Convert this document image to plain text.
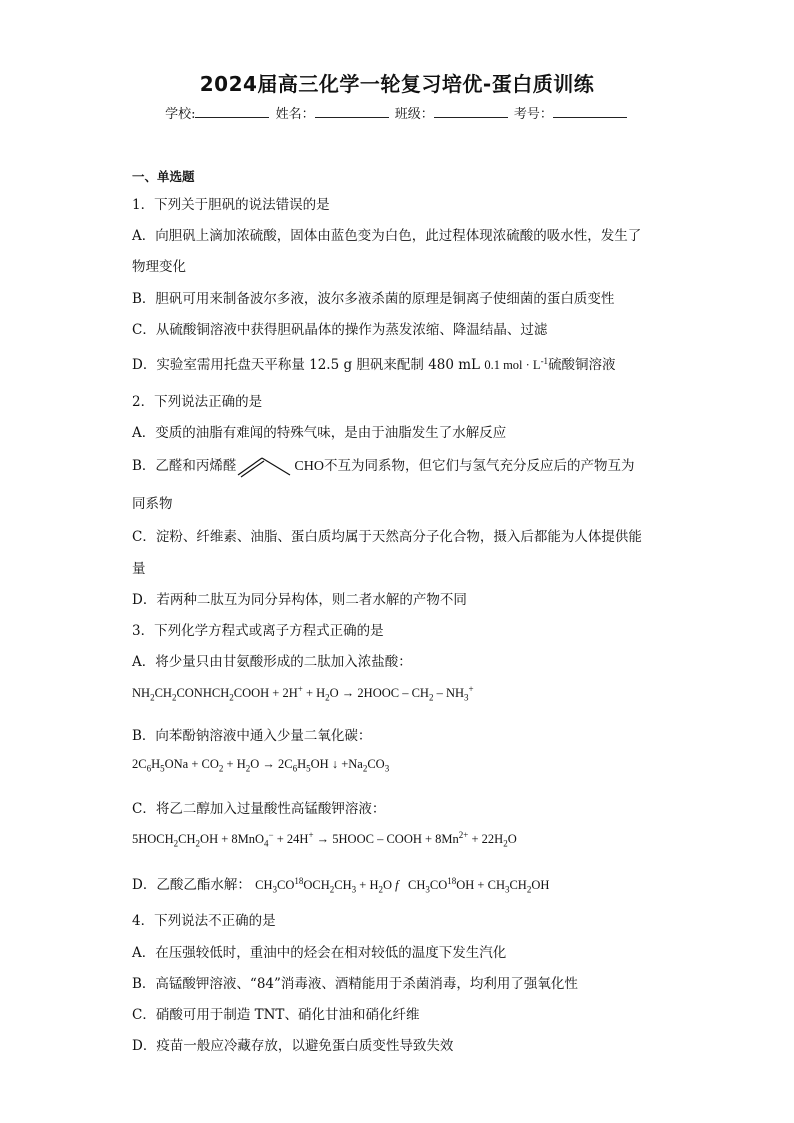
2024届高三化学一轮复习培优-蛋白质训练
学校:	姓名：	班级：	考号：
一、单选题
1．下列关于胆矾的说法错误的是
A．向胆矾上滴加浓硫酸，固体由蓝色变为白色，此过程体现浓硫酸的吸水性，发生了
物理变化
B．胆矾可用来制备波尔多液，波尔多液杀菌的原理是铜离子使细菌的蛋白质变性
C．从硫酸铜溶液中获得胆矾晶体的操作为蒸发浓缩、降温结晶、过滤
D．实验室需用托盘天平称量 12.5 g 胆矾来配制 480 mL 0.1 mol · $L^{-1}$硫酸铜溶液
2．下列说法正确的是
A．变质的油脂有难闻的特殊气味，是由于油脂发生了水解反应
B．乙醛和丙烯醛	CHO不互为同系物，但它们与氢气充分反应后的产物互为
同系物
C．淀粉、纤维素、油脂、蛋白质均属于天然高分子化合物，摄入后都能为人体提供能
量
D．若两种二肽互为同分异构体，则二者水解的产物不同
3．下列化学方程式或离子方程式正确的是
A．将少量只由甘氨酸形成的二肽加入浓盐酸：
$NH_2CH_2CONHCH_2COOH + 2H^+ + H_2O$ → 2HOOC – $CH_2 - NH_3^+$
B．向苯酚钠溶液中通入少量二氧化碳：
$2C_6H_5ONa + CO_2 + H_2O \to 2C_6H_5OH$ ↓ $+Na_2CO_3$
C．将乙二醇加入过量酸性高锰酸钾溶液：
$5HOCH_2CH_2OH + 8MnO_4^- + 24H^+$ → 5HOOC – COOH + $8Mn^{2+} + 22H_2O$
D．乙酸乙酯水解： $CH_3CO^{18}OCH_2CH_3 + H_2O$ f   $CH_3CO^{18}OH + CH_3CH_2OH$
4．下列说法不正确的是
A．在压强较低时，重油中的烃会在相对较低的温度下发生汽化
B．高锰酸钾溶液、“84”消毒液、酒精能用于杀菌消毒，均利用了强氧化性
C．硝酸可用于制造 TNT、硝化甘油和硝化纤维
D．疫苗一般应冷藏存放，以避免蛋白质变性导致失效
